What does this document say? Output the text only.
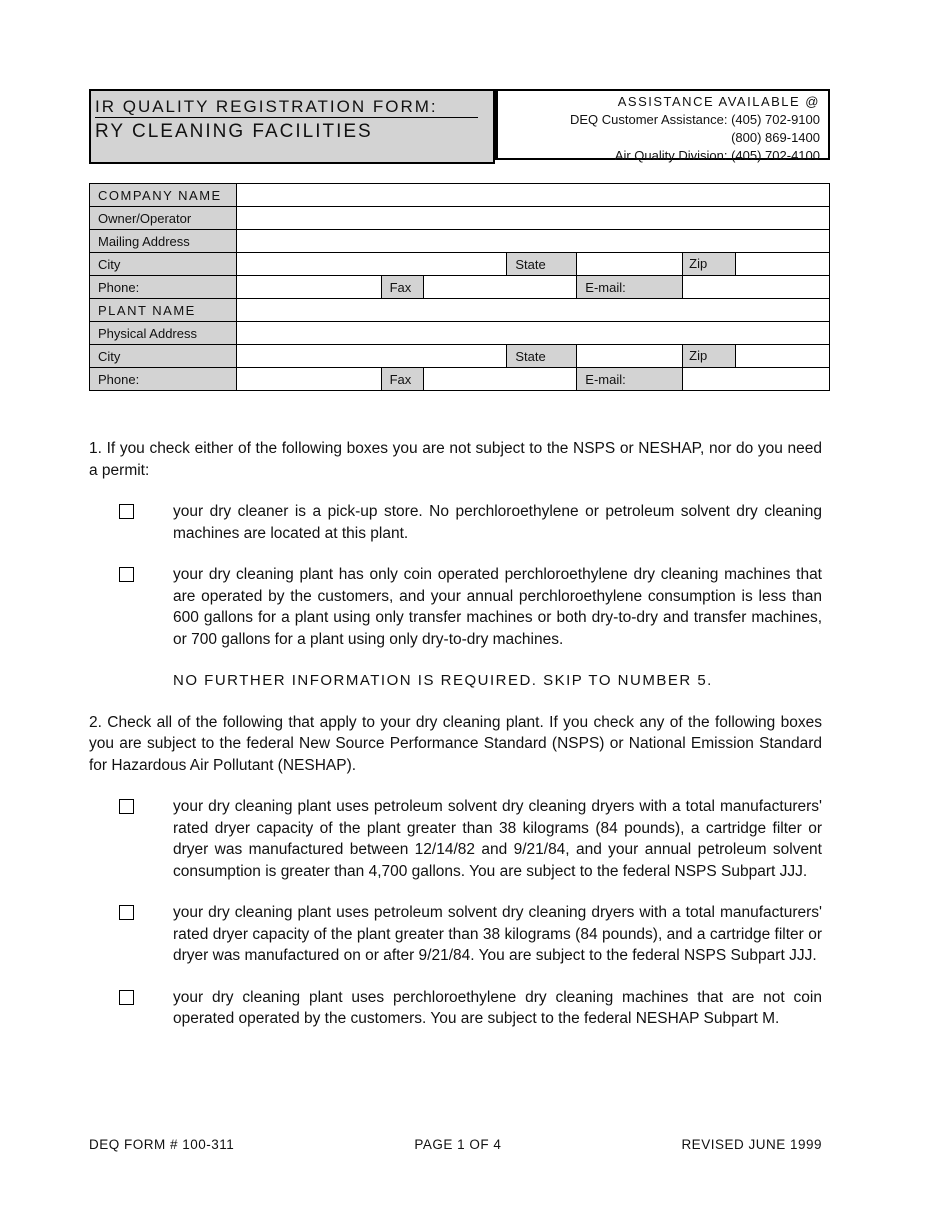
IR QUALITY REGISTRATION FORM:
RY CLEANING FACILITIES
ASSISTANCE AVAILABLE @
DEQ Customer Assistance: (405) 702-9100
(800) 869-1400
Air Quality Division: (405) 702-4100
COMPANY NAME						
Owner/Operator						
Mailing Address						
City				State		Zip

Phone:		Fax			E-mail:	
PLANT NAME						
Physical Address						
City				State		Zip

Phone:		Fax			E-mail:	

1. If you check either of the following boxes you are not subject to the NSPS or NESHAP, nor do you need a permit:

your dry cleaner is a pick-up store. No perchloroethylene or petroleum solvent dry cleaning machines are located at this plant.

your dry cleaning plant has only coin operated perchloroethylene dry cleaning machines that are operated by the customers, and your annual perchloroethylene consumption is less than 600 gallons for a plant using only transfer machines or both dry-to-dry and transfer machines, or 700 gallons for a plant using only dry-to-dry machines.

NO FURTHER INFORMATION IS REQUIRED. SKIP TO NUMBER 5.

2. Check all of the following that apply to your dry cleaning plant. If you check any of the following boxes you are subject to the federal New Source Performance Standard (NSPS) or National Emission Standard for Hazardous Air Pollutant (NESHAP).

your dry cleaning plant uses petroleum solvent dry cleaning dryers with a total manufacturers' rated dryer capacity of the plant greater than 38 kilograms (84 pounds), a cartridge filter or dryer was manufactured between 12/14/82 and 9/21/84, and your annual petroleum solvent consumption is greater than 4,700 gallons. You are subject to the federal NSPS Subpart JJJ.

your dry cleaning plant uses petroleum solvent dry cleaning dryers with a total manufacturers' rated dryer capacity of the plant greater than 38 kilograms (84 pounds), and a cartridge filter or dryer was manufactured on or after 9/21/84. You are subject to the federal NSPS Subpart JJJ.

your dry cleaning plant uses perchloroethylene dry cleaning machines that are not coin operated operated by the customers. You are subject to the federal NESHAP Subpart M.

DEQ FORM # 100-311	PAGE 1 OF 4	REVISED JUNE 1999
